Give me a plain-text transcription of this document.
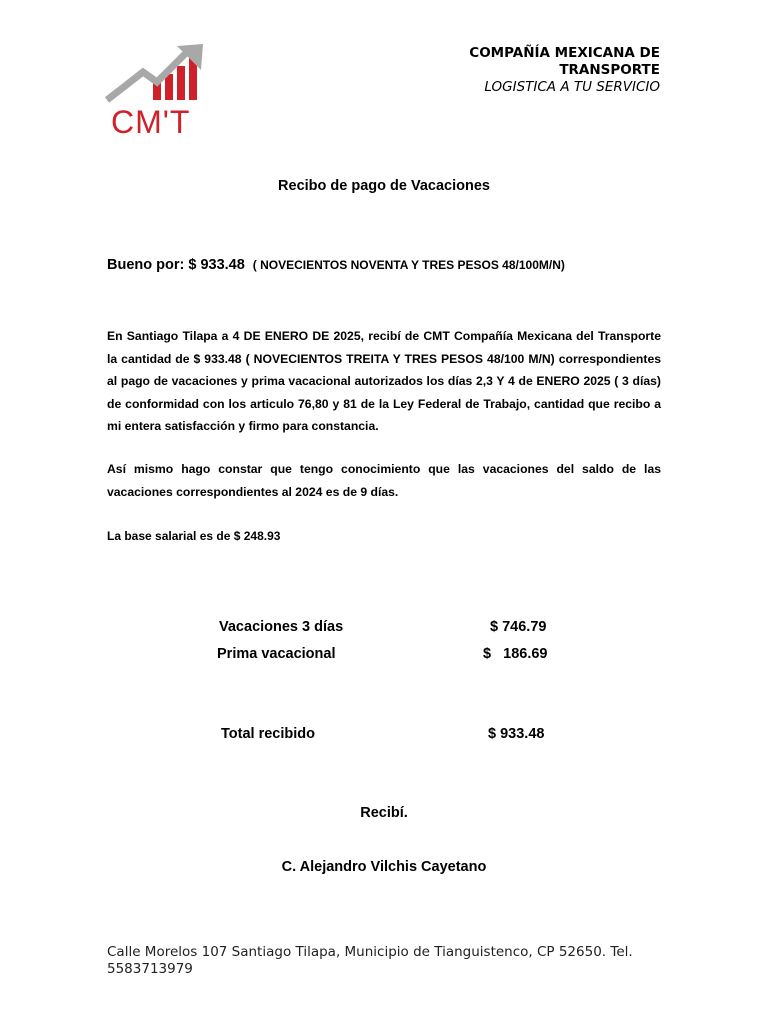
CM'T
COMPAÑÍA MEXICANA DE TRANSPORTE
LOGISTICA A TU SERVICIO
Recibo de pago de Vacaciones
Bueno por: $ 933.48 ( NOVECIENTOS NOVENTA Y TRES PESOS 48/100M/N)
En Santiago Tilapa a 4 DE ENERO DE 2025, recibí de CMT Compañía Mexicana del Transporte la cantidad de $ 933.48 ( NOVECIENTOS TREITA Y TRES PESOS 48/100 M/N) correspondientes al pago de vacaciones y prima vacacional autorizados los días 2,3 Y 4 de ENERO 2025 ( 3 días) de conformidad con los articulo 76,80 y 81 de la Ley Federal de Trabajo, cantidad que recibo a mi entera satisfacción y firmo para constancia.
Así mismo hago constar que tengo conocimiento que las vacaciones del saldo de las vacaciones correspondientes al 2024 es de 9 días.
La base salarial es de $ 248.93
Vacaciones 3 días	$ 746.79
Prima vacacional	$   186.69
Total recibido	$ 933.48
Recibí.
C. Alejandro Vilchis Cayetano
Calle Morelos 107 Santiago Tilapa, Municipio de Tianguistenco, CP 52650. Tel. 5583713979
